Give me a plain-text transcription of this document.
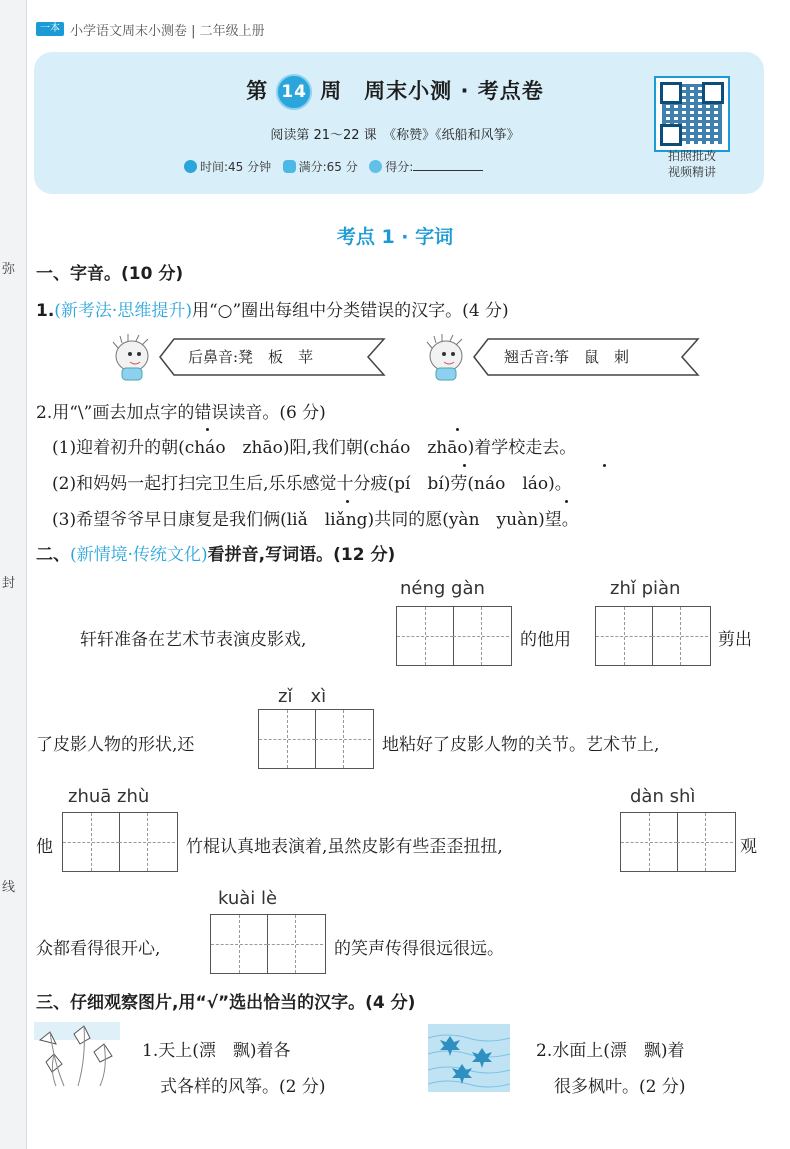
弥
封
线
一本 小学语文周末小测卷 | 二年级上册
第 14 周　周末小测 · 考点卷
阅读第 21～22 课　《称赞》《纸船和风筝》
时间:45 分钟 满分:65 分 得分:
拍照批改
视频精讲
考点 1 · 字词
一、字音。(10 分)
1.(新考法·思维提升)用“○”圈出每组中分类错误的汉字。(4 分)
后鼻音:凳　板　苹	翘舌音:筝　鼠　刺
2.用“\”画去加点字的错误读音。(6 分)
(1)迎着初升的朝(cháo　zhāo)阳,我们朝(cháo　zhāo)着学校走去。
(2)和妈妈一起打扫完卫生后,乐乐感觉十分疲(pí　bí)劳(náo　láo)。
(3)希望爷爷早日康复是我们俩(liǎ　liǎng)共同的愿(yàn　yuàn)望。
二、(新情境·传统文化)看拼音,写词语。(12 分)
néng gàn	zhǐ piàn
轩轩准备在艺术节表演皮影戏,	的他用	剪出
zǐ　xì
了皮影人物的形状,还	地粘好了皮影人物的关节。艺术节上,
zhuā zhù	dàn shì
他	竹棍认真地表演着,虽然皮影有些歪歪扭扭,	观
kuài lè
众都看得很开心,	的笑声传得很远很远。
三、仔细观察图片,用“√”选出恰当的汉字。(4 分)
1.天上(漂　飘)着各
式各样的风筝。(2 分)
2.水面上(漂　飘)着
很多枫叶。(2 分)
